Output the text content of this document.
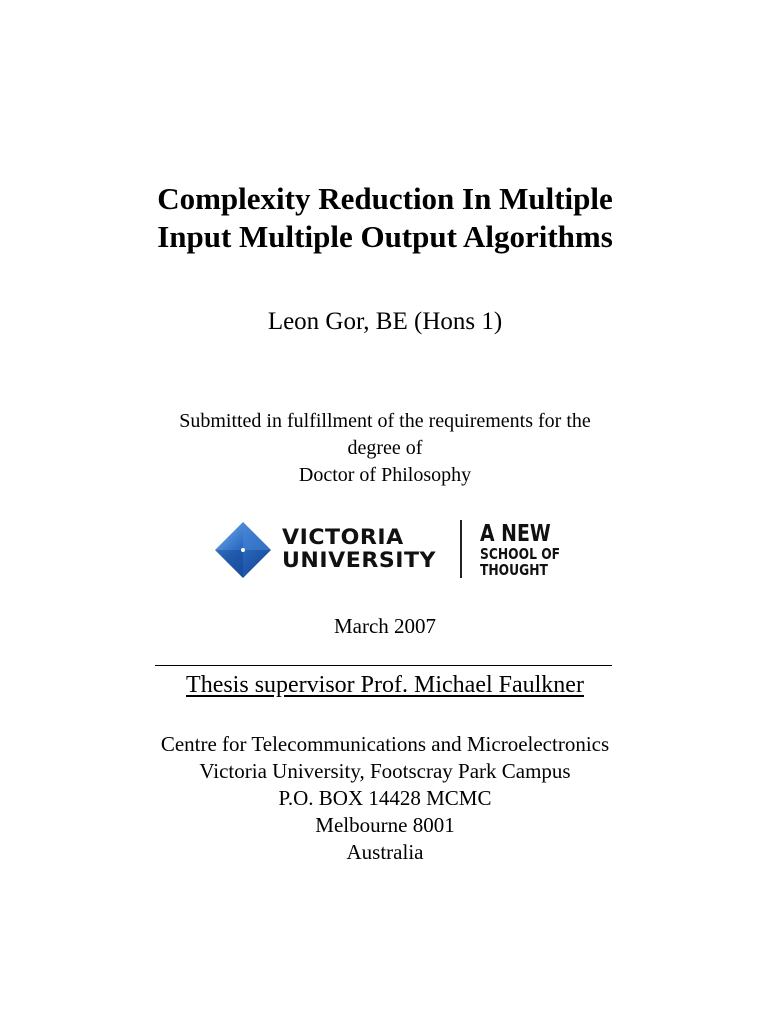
Complexity Reduction In Multiple
Input Multiple Output Algorithms
Leon Gor, BE (Hons 1)
Submitted in fulfillment of the requirements for the
degree of
Doctor of Philosophy
VICTORIA
UNIVERSITY
A NEW
SCHOOL OF
THOUGHT
March 2007
Thesis supervisor Prof. Michael Faulkner
Centre for Telecommunications and Microelectronics
Victoria University, Footscray Park Campus
P.O. BOX 14428 MCMC
Melbourne 8001
Australia
